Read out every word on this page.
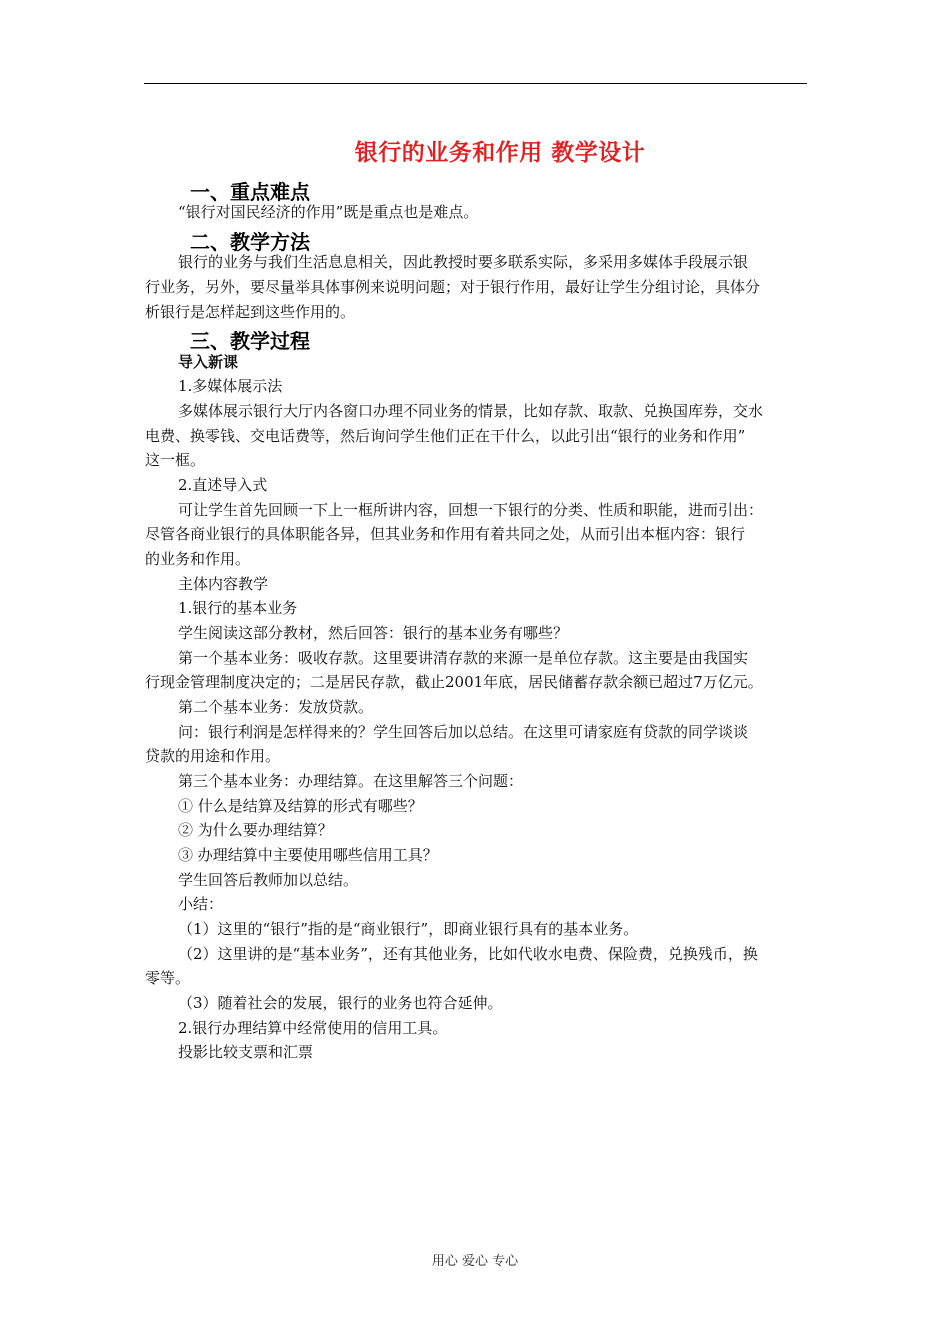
银行的业务和作用 教学设计
一、重点难点
“银行对国民经济的作用”既是重点也是难点。
二、教学方法
银行的业务与我们生活息息相关，因此教授时要多联系实际，多采用多媒体手段展示银
行业务，另外，要尽量举具体事例来说明问题；对于银行作用，最好让学生分组讨论，具体分
析银行是怎样起到这些作用的。
三、教学过程
导入新课
1.多媒体展示法
多媒体展示银行大厅内各窗口办理不同业务的情景，比如存款、取款、兑换国库券，交水
电费、换零钱、交电话费等，然后询问学生他们正在干什么，以此引出“银行的业务和作用”
这一框。
2.直述导入式
可让学生首先回顾一下上一框所讲内容，回想一下银行的分类、性质和职能，进而引出：
尽管各商业银行的具体职能各异，但其业务和作用有着共同之处，从而引出本框内容：银行
的业务和作用。
主体内容教学
1.银行的基本业务
学生阅读这部分教材，然后回答：银行的基本业务有哪些？
第一个基本业务：吸收存款。这里要讲清存款的来源一是单位存款。这主要是由我国实
行现金管理制度决定的；二是居民存款，截止2001年底，居民储蓄存款余额已超过7万亿元。
第二个基本业务：发放贷款。
问：银行利润是怎样得来的？学生回答后加以总结。在这里可请家庭有贷款的同学谈谈
贷款的用途和作用。
第三个基本业务：办理结算。在这里解答三个问题：
① 什么是结算及结算的形式有哪些？
② 为什么要办理结算？
③ 办理结算中主要使用哪些信用工具？
学生回答后教师加以总结。
小结：
（1）这里的“银行”指的是“商业银行”，即商业银行具有的基本业务。
（2）这里讲的是“基本业务”，还有其他业务，比如代收水电费、保险费，兑换残币，换
零等。
（3）随着社会的发展，银行的业务也符合延伸。
2.银行办理结算中经常使用的信用工具。
投影比较支票和汇票
用心 爱心 专心
